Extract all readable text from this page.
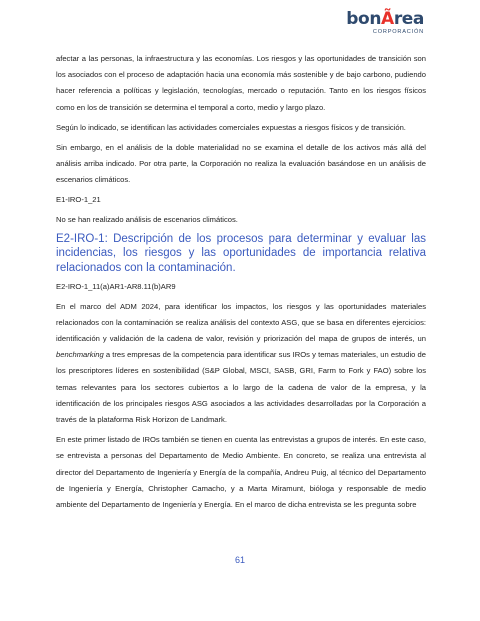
bonÃrea
CORPORACIÓN

afectar a las personas, la infraestructura y las economías. Los riesgos y las oportunidades de transición son los asociados con el proceso de adaptación hacia una economía más sostenible y de bajo carbono, pudiendo hacer referencia a políticas y legislación, tecnologías, mercado o reputación. Tanto en los riesgos físicos como en los de transición se determina el temporal a corto, medio y largo plazo.

Según lo indicado, se identifican las actividades comerciales expuestas a riesgos físicos y de transición.

Sin embargo, en el análisis de la doble materialidad no se examina el detalle de los activos más allá del análisis arriba indicado. Por otra parte, la Corporación no realiza la evaluación basándose en un análisis de escenarios climáticos.

E1-IRO-1_21

No se han realizado análisis de escenarios climáticos.

E2-IRO-1: Descripción de los procesos para determinar y evaluar las incidencias, los riesgos y las oportunidades de importancia relativa relacionados con la contaminación.

E2-IRO-1_11(a)AR1-AR8.11(b)AR9

En el marco del ADM 2024, para identificar los impactos, los riesgos y las oportunidades materiales relacionados con la contaminación se realiza análisis del contexto ASG, que se basa en diferentes ejercicios: identificación y validación de la cadena de valor, revisión y priorización del mapa de grupos de interés, un benchmarking a tres empresas de la competencia para identificar sus IROs y temas materiales, un estudio de los prescriptores líderes en sostenibilidad (S&P Global, MSCI, SASB, GRI, Farm to Fork y FAO) sobre los temas relevantes para los sectores cubiertos a lo largo de la cadena de valor de la empresa, y la identificación de los principales riesgos ASG asociados a las actividades desarrolladas por la Corporación a través de la plataforma Risk Horizon de Landmark.

En este primer listado de IROs también se tienen en cuenta las entrevistas a grupos de interés. En este caso, se entrevista a personas del Departamento de Medio Ambiente. En concreto, se realiza una entrevista al director del Departamento de Ingeniería y Energía de la compañía, Andreu Puig, al técnico del Departamento de Ingeniería y Energía, Christopher Camacho, y a Marta Miramunt, bióloga y responsable de medio ambiente del Departamento de Ingeniería y Energía. En el marco de dicha entrevista se les pregunta sobre

61
